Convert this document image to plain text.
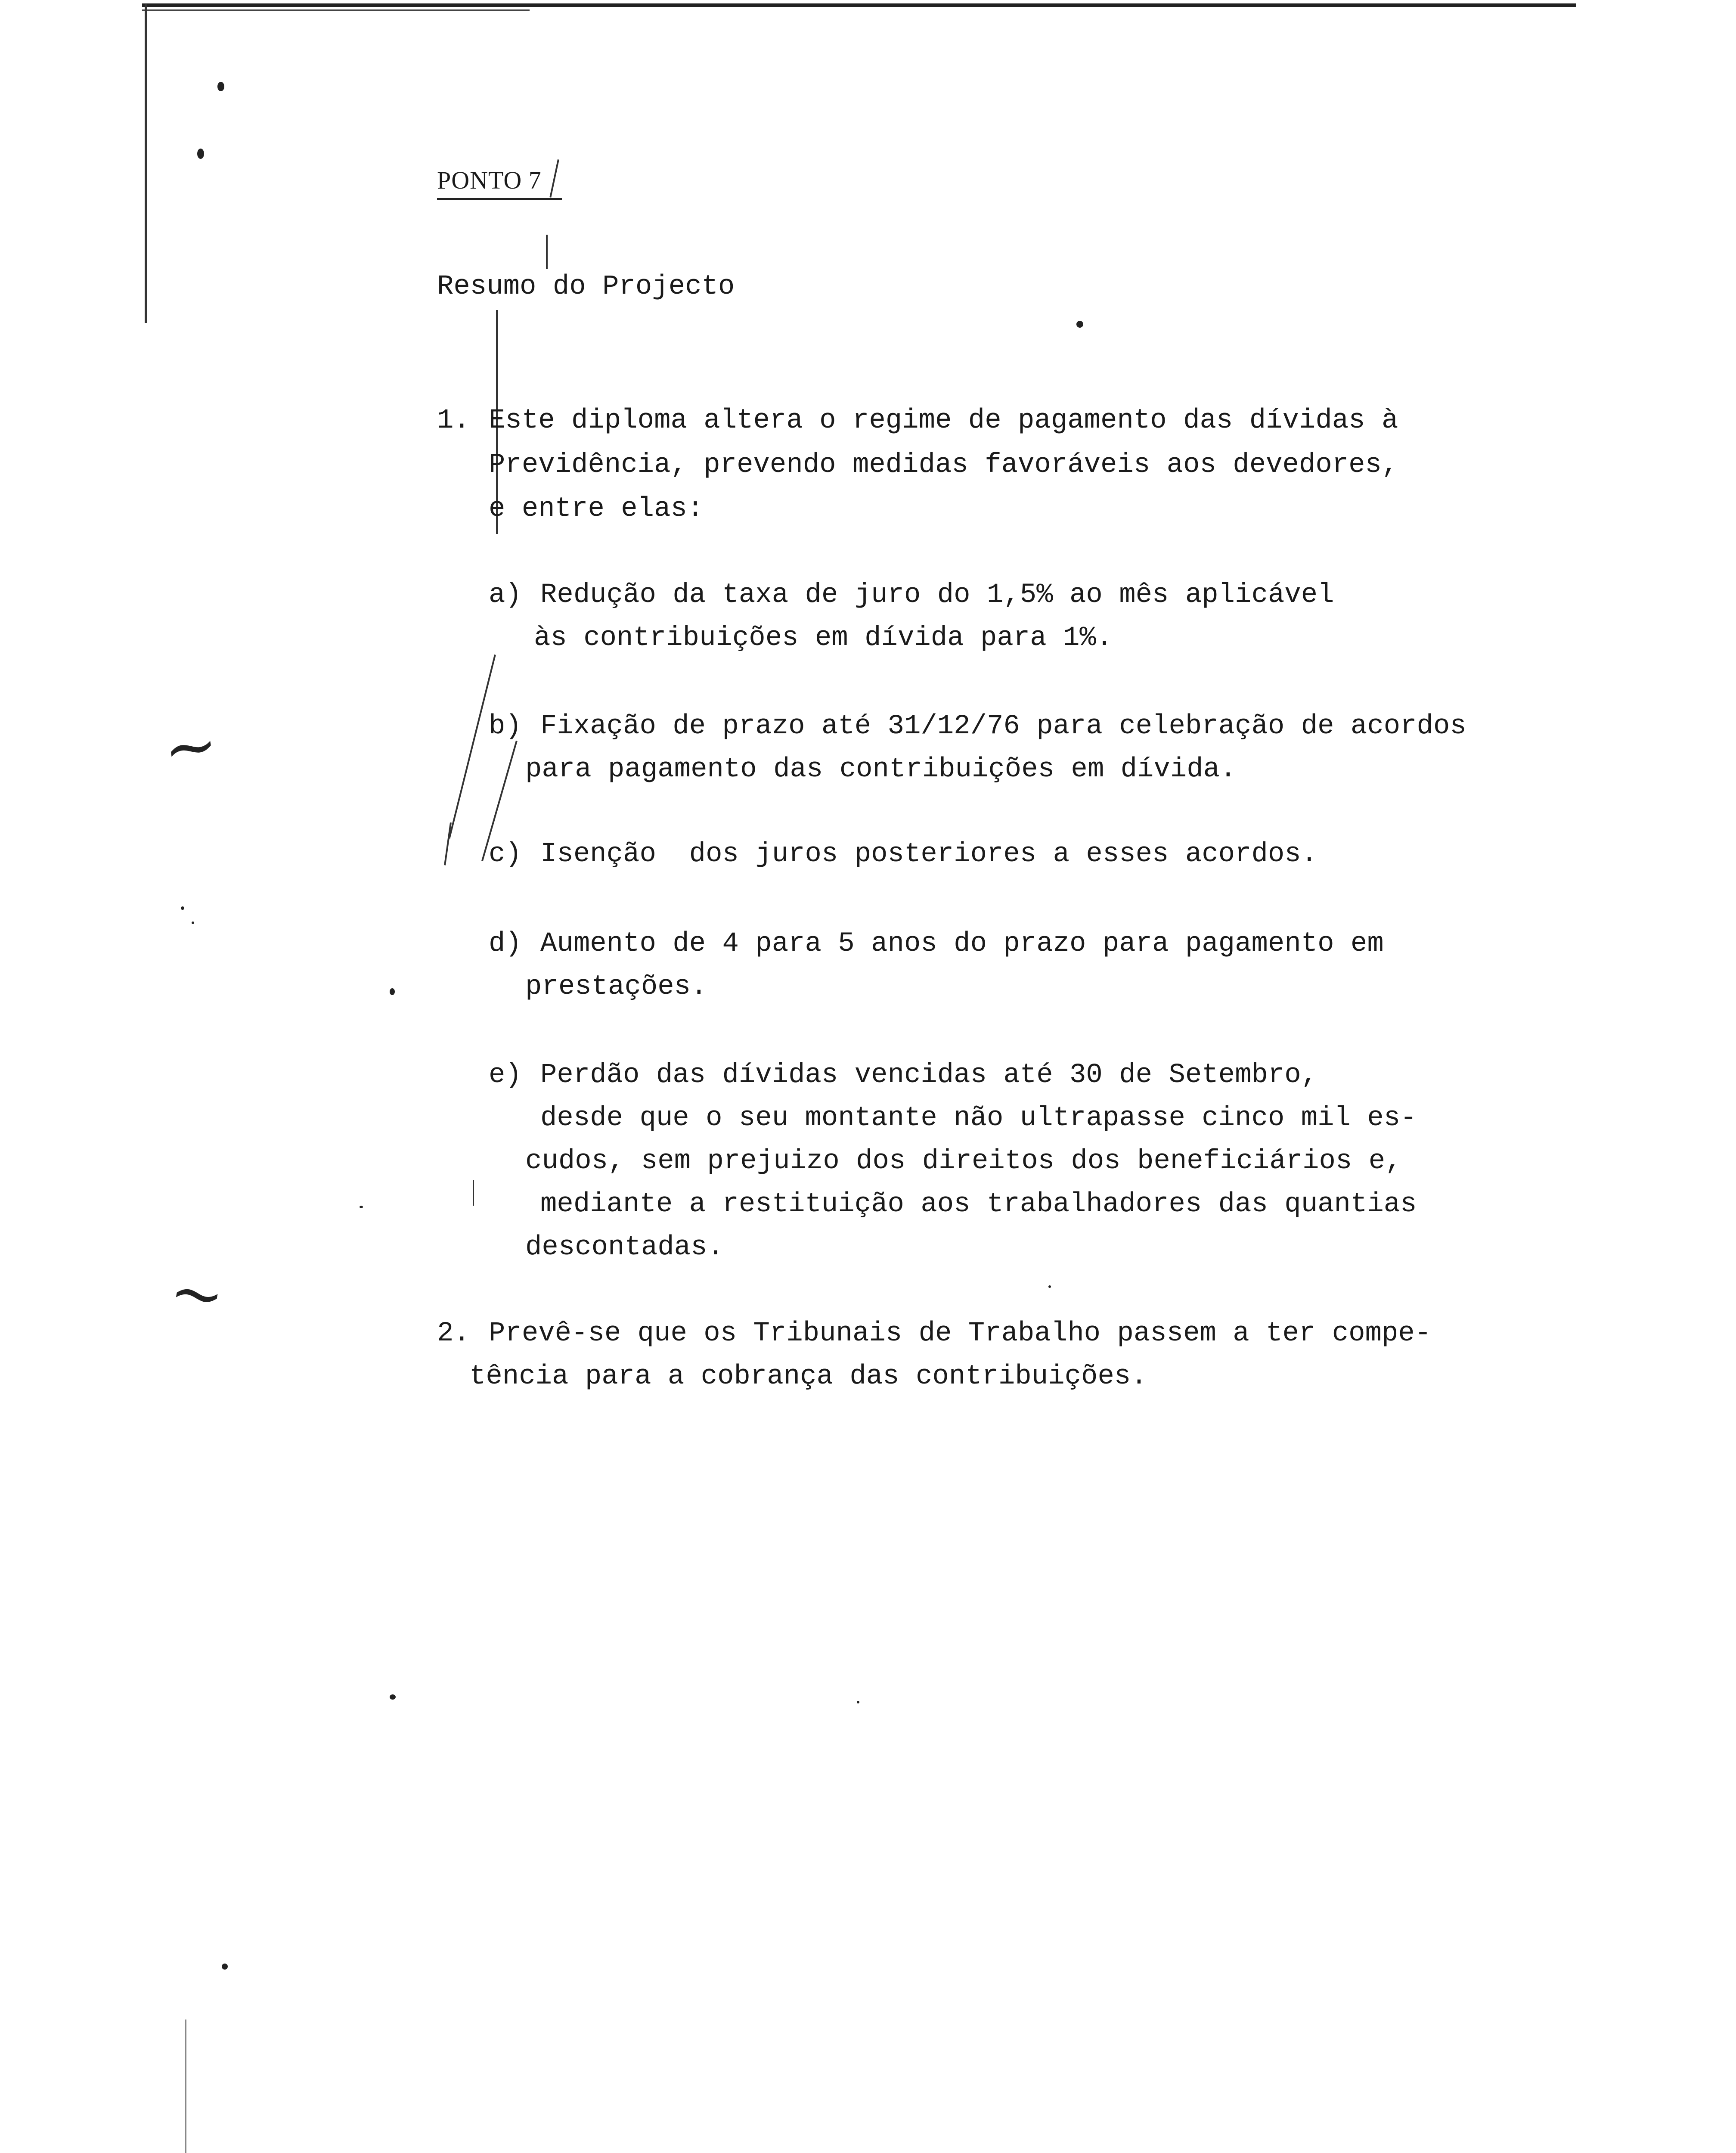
~
~
PONTO 7
Resumo do Projecto
1. Este diploma altera o regime de pagamento das dívidas à
Previdência, prevendo medidas favoráveis aos devedores,
e entre elas:
a) Redução da taxa de juro do 1,5% ao mês aplicável
às contribuições em dívida para 1%.
b) Fixação de prazo até 31/12/76 para celebração de acordos
para pagamento das contribuições em dívida.
c) Isenção  dos juros posteriores a esses acordos.
d) Aumento de 4 para 5 anos do prazo para pagamento em
prestações.
e) Perdão das dívidas vencidas até 30 de Setembro,
desde que o seu montante não ultrapasse cinco mil es-
cudos, sem prejuizo dos direitos dos beneficiários e,
mediante a restituição aos trabalhadores das quantias
descontadas.
2. Prevê-se que os Tribunais de Trabalho passem a ter compe-
tência para a cobrança das contribuições.
